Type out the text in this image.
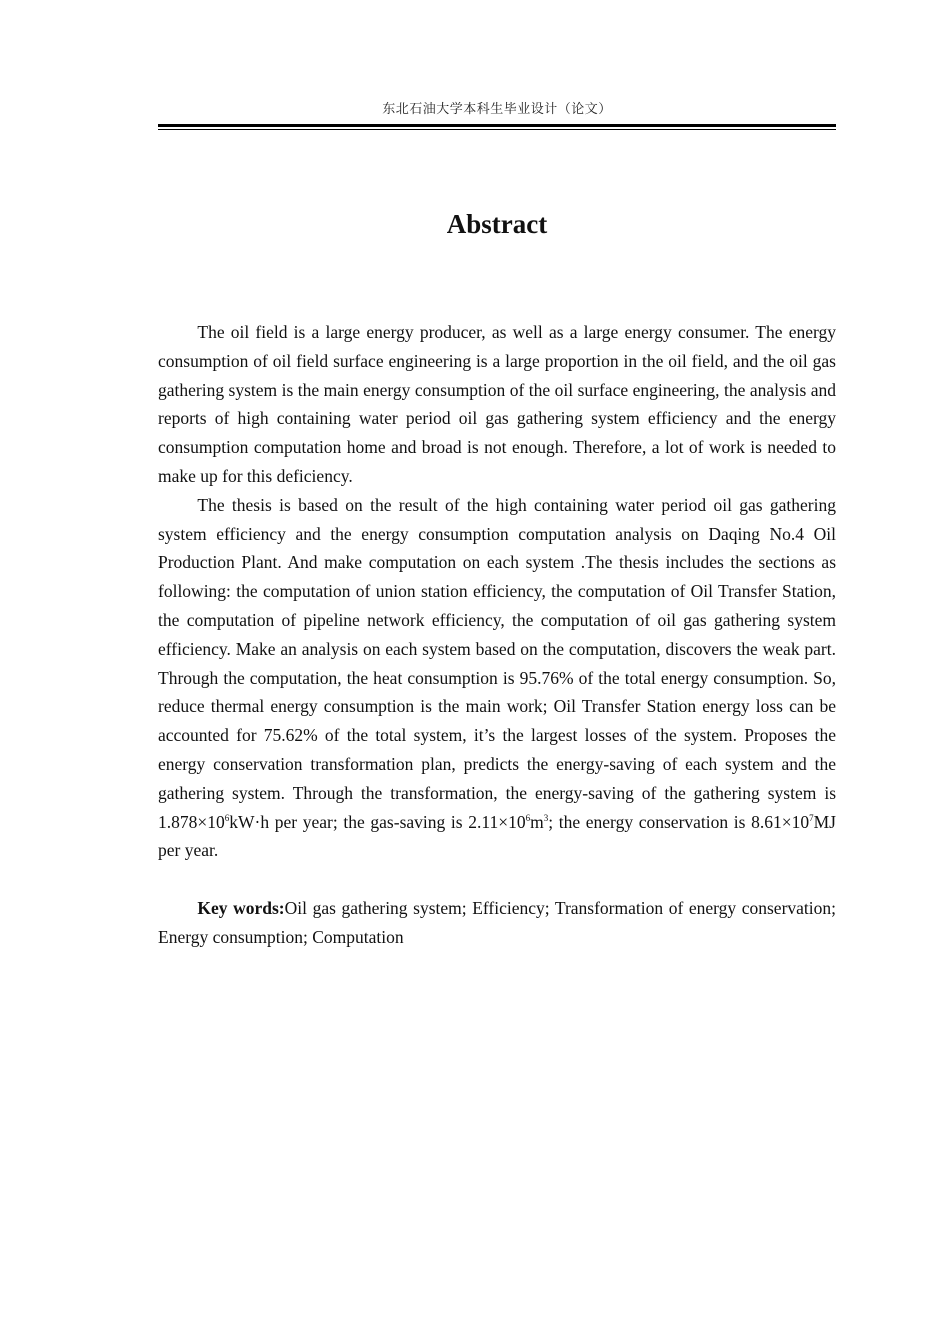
东北石油大学本科生毕业设计（论文）
Abstract

The oil field is a large energy producer, as well as a large energy consumer. The energy consumption of oil field surface engineering is a large proportion in the oil field, and the oil gas gathering system is the main energy consumption of the oil surface engineering, the analysis and reports of high containing water period oil gas gathering system efficiency and the energy consumption computation home and broad is not enough. Therefore, a lot of work is needed to make up for this deficiency.

The thesis is based on the result of the high containing water period oil gas gathering system efficiency and the energy consumption computation analysis on Daqing No.4 Oil Production Plant. And make computation on each system .The thesis includes the sections as following: the computation of union station efficiency, the computation of Oil Transfer Station, the computation of pipeline network efficiency, the computation of oil gas gathering system efficiency. Make an analysis on each system based on the computation, discovers the weak part. Through the computation, the heat consumption is 95.76% of the total energy consumption. So, reduce thermal energy consumption is the main work; Oil Transfer Station energy loss can be accounted for 75.62% of the total system, it’s the largest losses of the system. Proposes the energy conservation transformation plan, predicts the energy-saving of each system and the gathering system. Through the transformation, the energy-saving of the gathering system is $1.878\times 10^6kW\cdot h$ per year; the gas-saving is $2.11\times 10^6m^3$; the energy conservation is $8.61\times 10^7MJ$ per year.

Key words:Oil gas gathering system; Efficiency; Transformation of energy conservation; Energy consumption; Computation
